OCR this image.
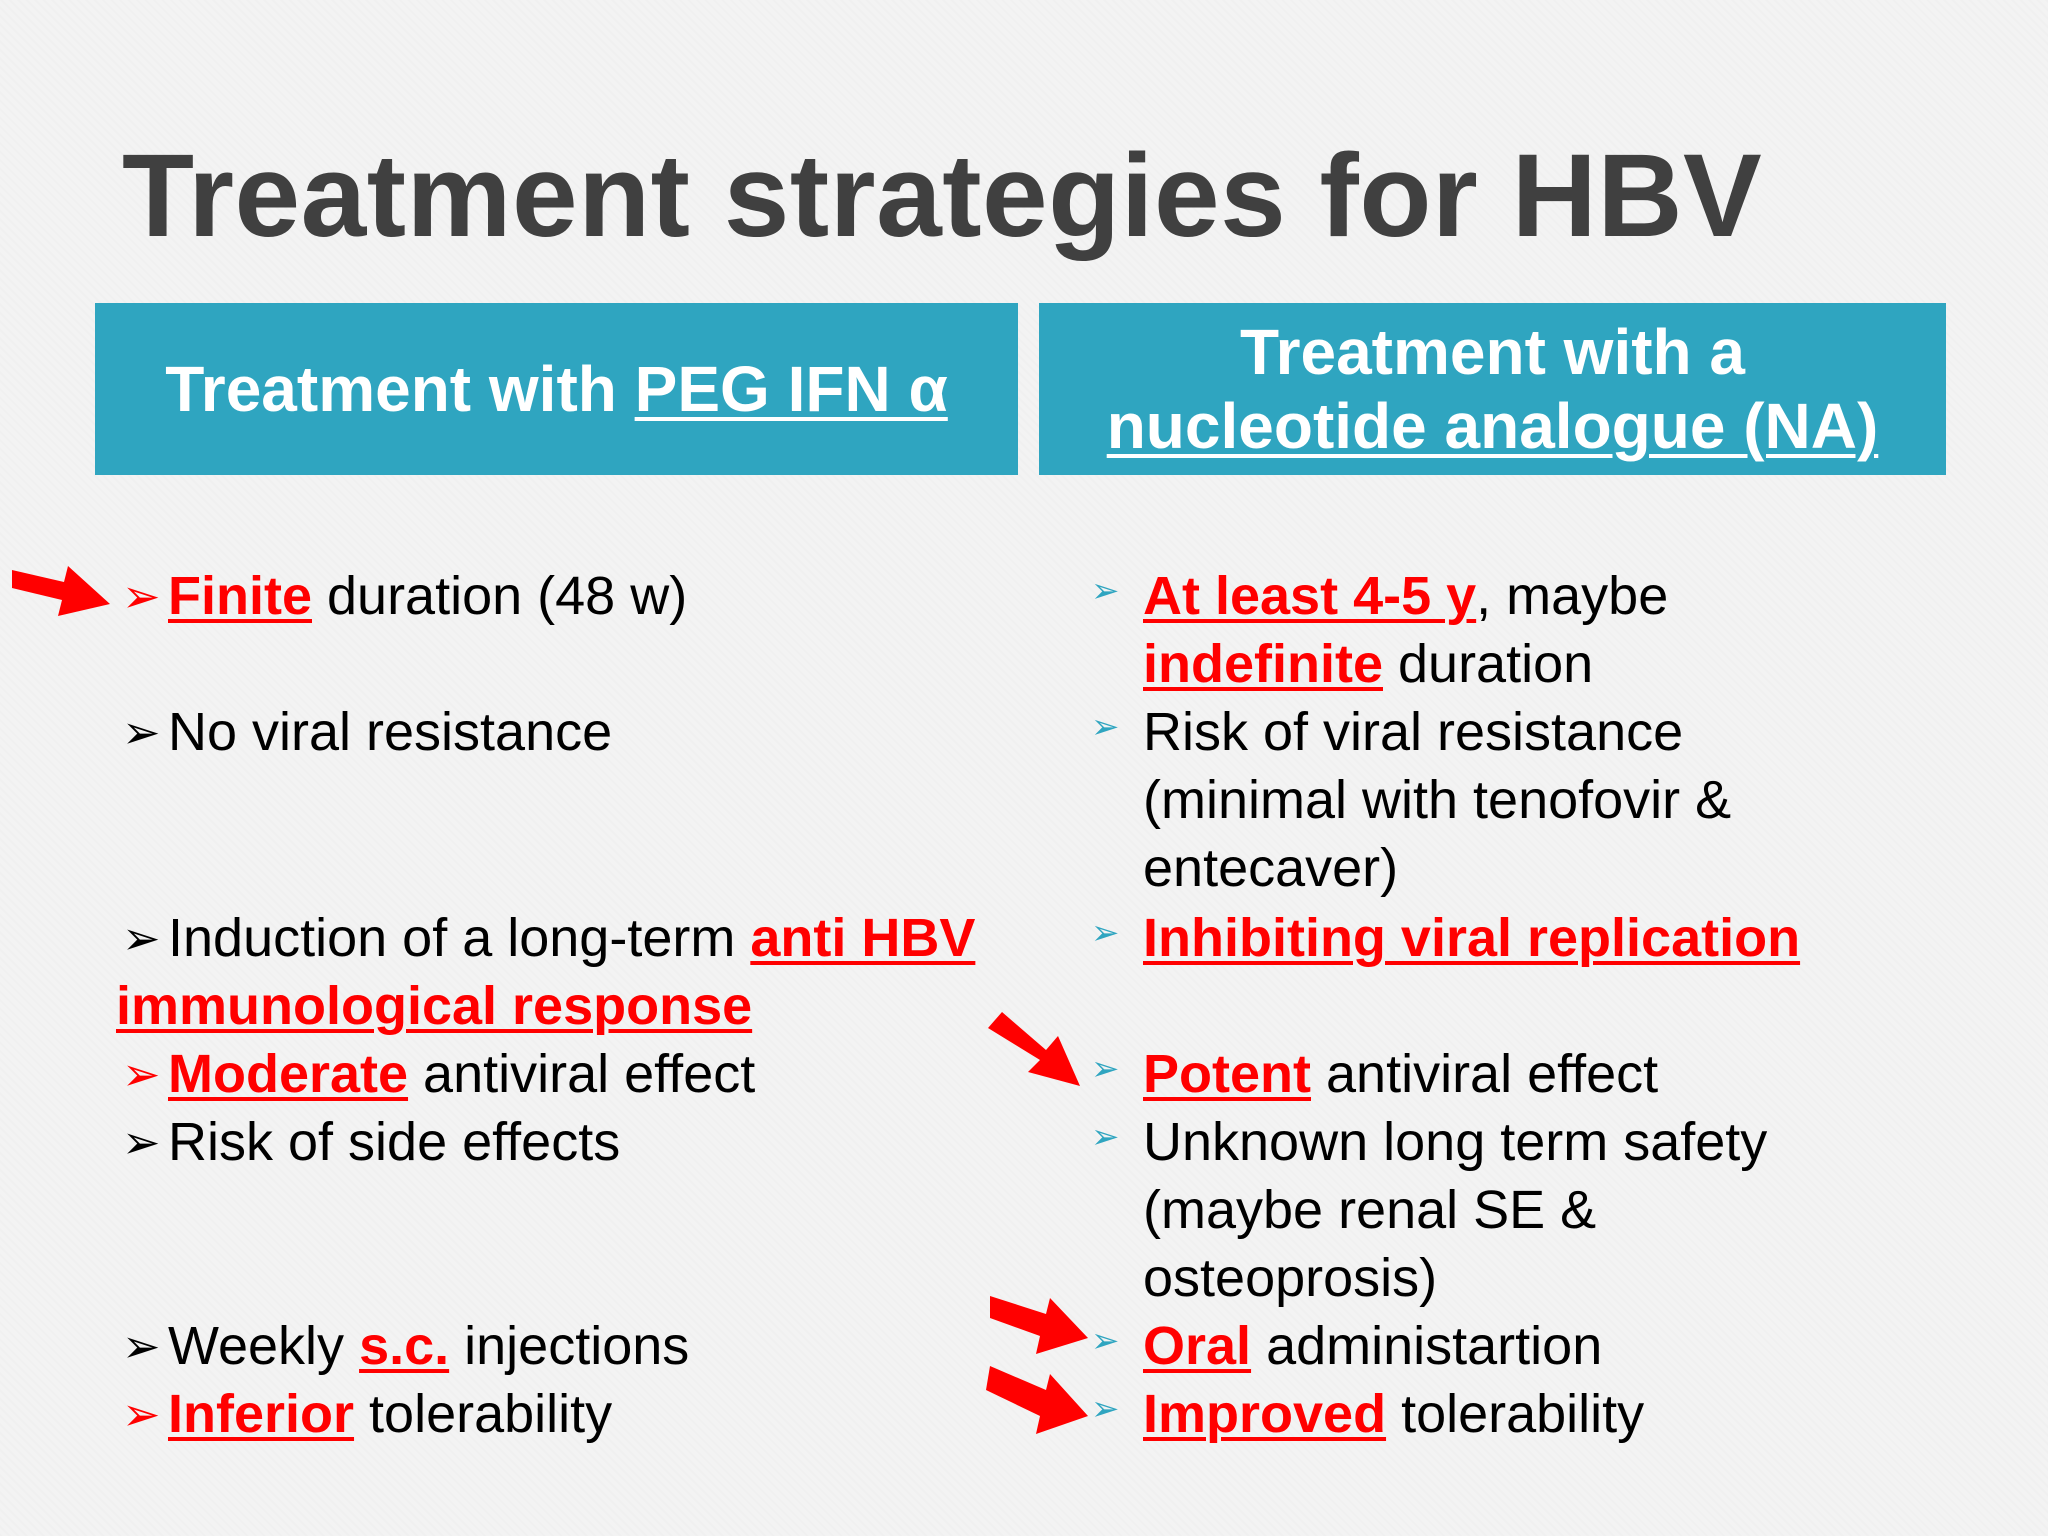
Treatment strategies for HBV
Treatment with PEG IFN α
Treatment with a
nucleotide analogue (NA)
➢ Finite duration (48 w)
➢ No viral resistance
➢ Induction of a long-term anti HBV
immunological response
➢ Moderate antiviral effect
➢ Risk of side effects
➢ Weekly s.c. injections
➢ Inferior tolerability
➢ At least 4-5 y, maybe
indefinite duration
➢ Risk of viral resistance
(minimal with tenofovir &
entecaver)
➢ Inhibiting viral replication
➢ Potent antiviral effect
➢ Unknown long term safety
(maybe renal SE &
osteoprosis)
➢ Oral administartion
➢ Improved tolerability
